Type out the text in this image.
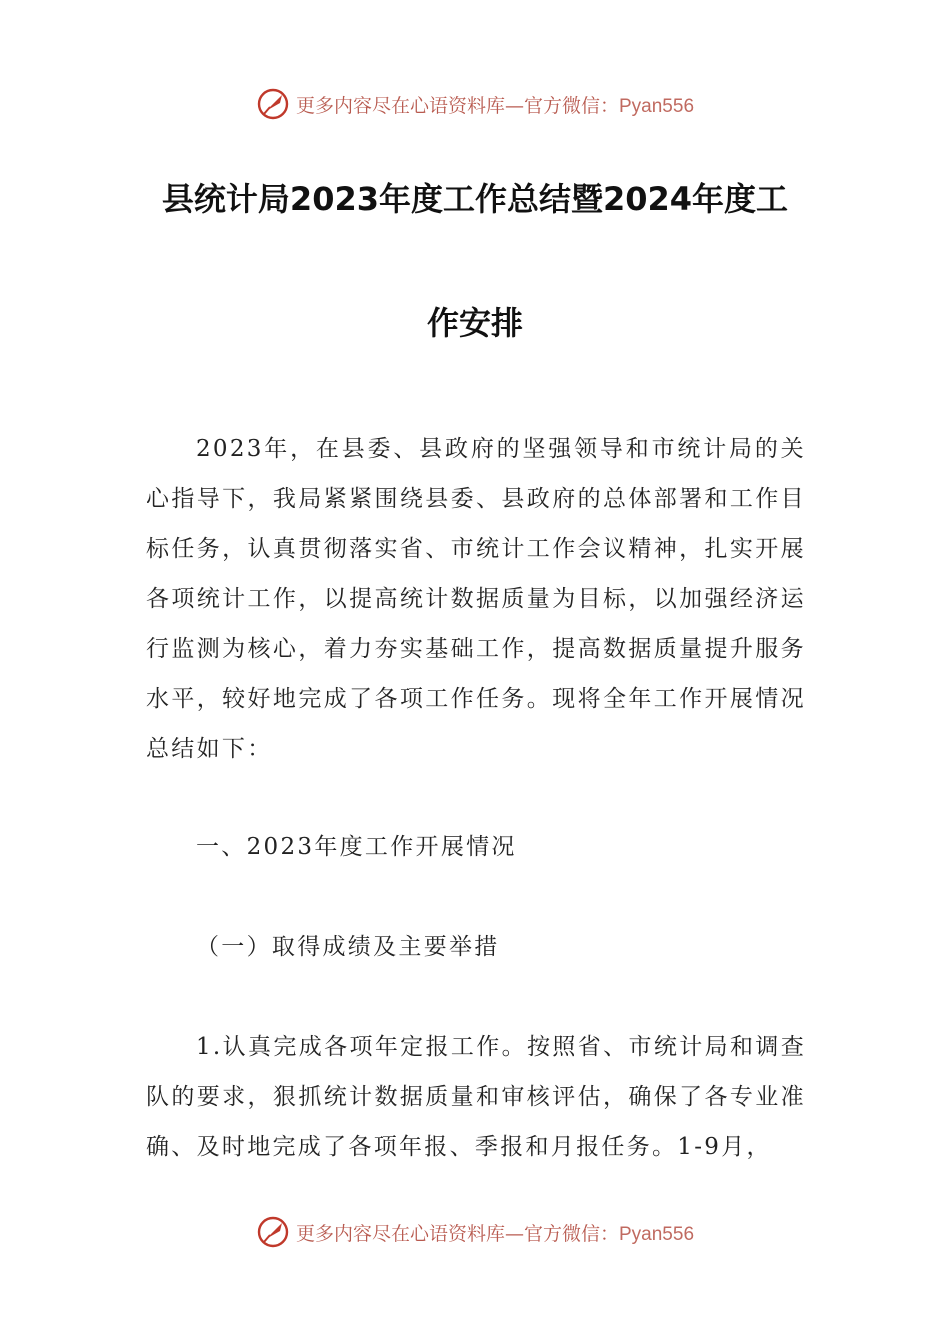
更多内容尽在心语资料库—官方微信：Pyan556
县统计局2023年度工作总结暨2024年度工
作安排

2023年，在县委、县政府的坚强领导和市统计局的关心指导下，我局紧紧围绕县委、县政府的总体部署和工作目标任务，认真贯彻落实省、市统计工作会议精神，扎实开展各项统计工作，以提高统计数据质量为目标，以加强经济运行监测为核心，着力夯实基础工作，提高数据质量提升服务水平，较好地完成了各项工作任务。现将全年工作开展情况总结如下：

一、2023年度工作开展情况

（一）取得成绩及主要举措

1.认真完成各项年定报工作。按照省、市统计局和调查队的要求，狠抓统计数据质量和审核评估，确保了各专业准确、及时地完成了各项年报、季报和月报任务。1-9月，

更多内容尽在心语资料库—官方微信：Pyan556
